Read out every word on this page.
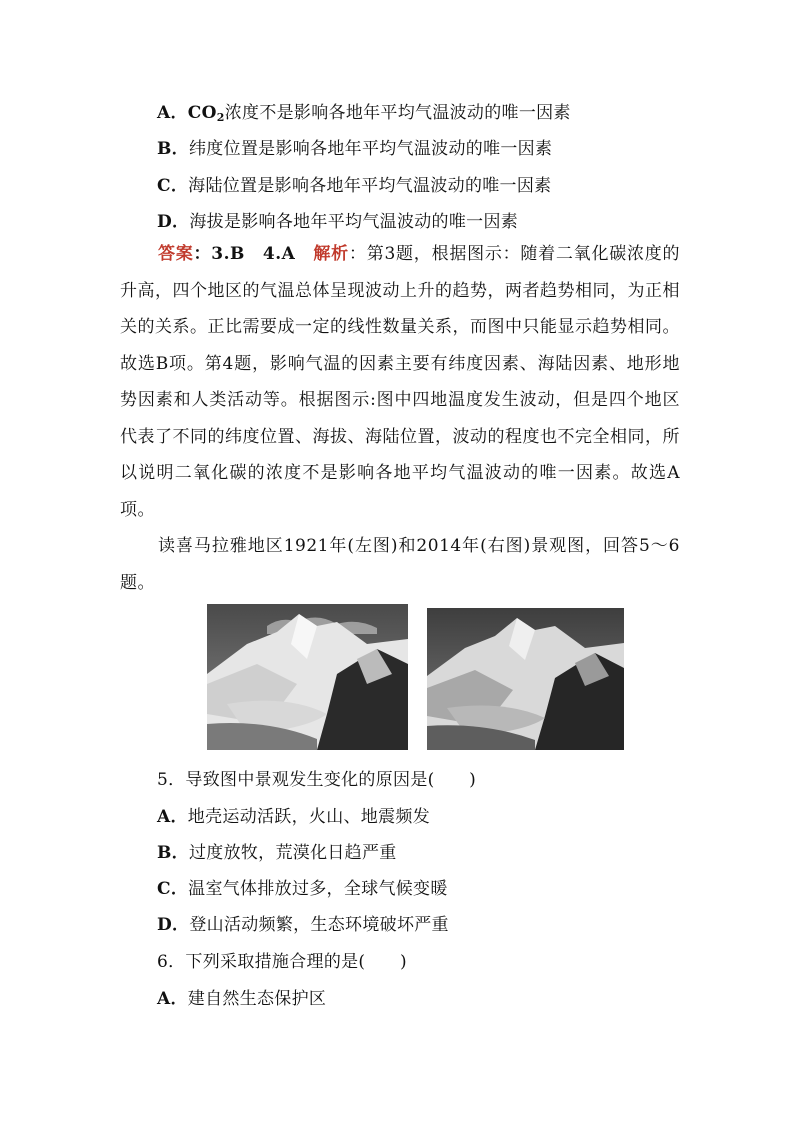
A．$CO_2$浓度不是影响各地年平均气温波动的唯一因素
B．纬度位置是影响各地年平均气温波动的唯一因素
C．海陆位置是影响各地年平均气温波动的唯一因素
D．海拔是影响各地年平均气温波动的唯一因素
答案：3.B　4.A　 解析：第3题，根据图示：随着二氧化碳浓度的升高，四个地区的气温总体呈现波动上升的趋势，两者趋势相同，为正相关的关系。正比需要成一定的线性数量关系，而图中只能显示趋势相同。故选B项。第4题，影响气温的因素主要有纬度因素、海陆因素、地形地势因素和人类活动等。根据图示:图中四地温度发生波动，但是四个地区代表了不同的纬度位置、海拔、海陆位置，波动的程度也不完全相同，所以说明二氧化碳的浓度不是影响各地平均气温波动的唯一因素。故选A项。
读喜马拉雅地区1921年(左图)和2014年(右图)景观图，回答5～6题。
5．导致图中景观发生变化的原因是(　　)
A．地壳运动活跃，火山、地震频发
B．过度放牧，荒漠化日趋严重
C．温室气体排放过多，全球气候变暖
D．登山活动频繁，生态环境破坏严重
6．下列采取措施合理的是(　　)
A．建自然生态保护区
